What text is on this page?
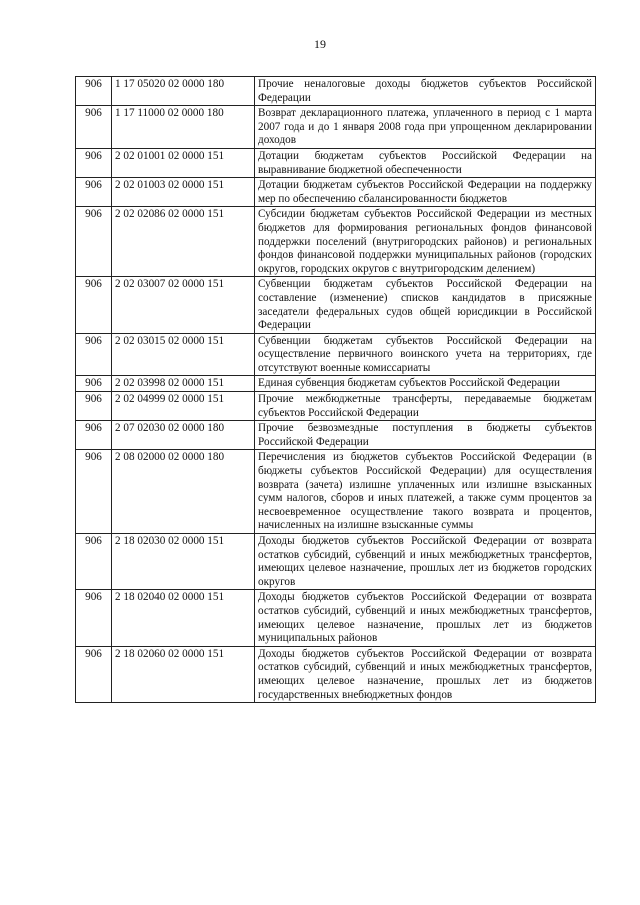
19
906	1 17 05020 02 0000 180	Прочие неналоговые доходы бюджетов субъектов Российской Федерации
906	1 17 11000 02 0000 180	Возврат декларационного платежа, уплаченного в период с 1 марта 2007 года и до 1 января 2008 года при упрощенном декларировании доходов
906	2 02 01001 02 0000 151	Дотации бюджетам субъектов Российской Федерации на выравнивание бюджетной обеспеченности
906	2 02 01003 02 0000 151	Дотации бюджетам субъектов Российской Федерации на поддержку мер по обеспечению сбалансированности бюджетов
906	2 02 02086 02 0000 151	Субсидии бюджетам субъектов Российской Федерации из местных бюджетов для формирования региональных фондов финансовой поддержки поселений (внутригородских районов) и региональных фондов финансовой поддержки муниципальных районов (городских округов, городских округов с внутригородским делением)
906	2 02 03007 02 0000 151	Субвенции бюджетам субъектов Российской Федерации на составление (изменение) списков кандидатов в присяжные заседатели федеральных судов общей юрисдикции в Российской Федерации
906	2 02 03015 02 0000 151	Субвенции бюджетам субъектов Российской Федерации на осуществление первичного воинского учета на территориях, где отсутствуют военные комиссариаты
906	2 02 03998 02 0000 151	Единая субвенция бюджетам субъектов Российской Федерации
906	2 02 04999 02 0000 151	Прочие межбюджетные трансферты, передаваемые бюджетам субъектов Российской Федерации
906	2 07 02030 02 0000 180	Прочие безвозмездные поступления в бюджеты субъектов Российской Федерации
906	2 08 02000 02 0000 180	Перечисления из бюджетов субъектов Российской Федерации (в бюджеты субъектов Российской Федерации) для осуществления возврата (зачета) излишне уплаченных или излишне взысканных сумм налогов, сборов и иных платежей, а также сумм процентов за несвоевременное осуществление такого возврата и процентов, начисленных на излишне взысканные суммы
906	2 18 02030 02 0000 151	Доходы бюджетов субъектов Российской Федерации от возврата остатков субсидий, субвенций и иных межбюджетных трансфертов, имеющих целевое назначение, прошлых лет из бюджетов городских округов
906	2 18 02040 02 0000 151	Доходы бюджетов субъектов Российской Федерации от возврата остатков субсидий, субвенций и иных межбюджетных трансфертов, имеющих целевое назначение, прошлых лет из бюджетов муниципальных районов
906	2 18 02060 02 0000 151	Доходы бюджетов субъектов Российской Федерации от возврата остатков субсидий, субвенций и иных межбюджетных трансфертов, имеющих целевое назначение, прошлых лет из бюджетов государственных внебюджетных фондов
